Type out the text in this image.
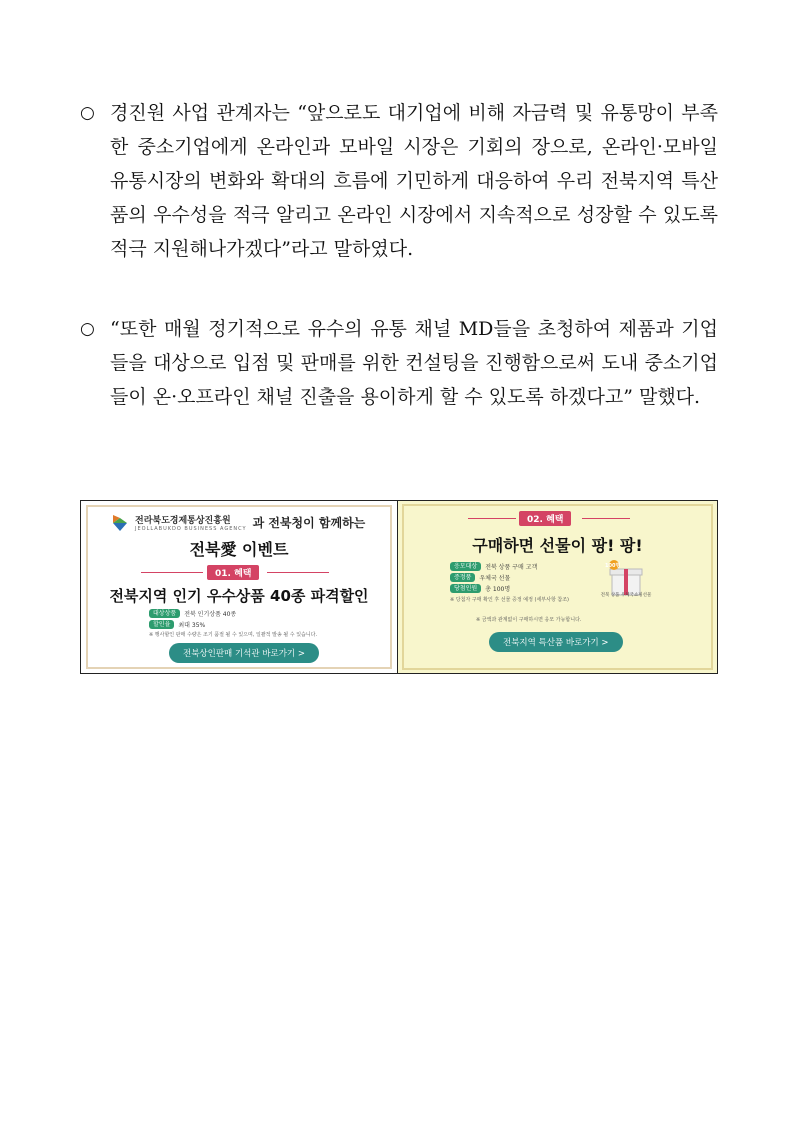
○ 경진원 사업 관계자는 “앞으로도 대기업에 비해 자금력 및 유통망이 부족한 중소기업에게 온라인과 모바일 시장은 기회의 장으로, 온라인·모바일 유통시장의 변화와 확대의 흐름에 기민하게 대응하여 우리 전북지역 특산품의 우수성을 적극 알리고 온라인 시장에서 지속적으로 성장할 수 있도록 적극 지원해나가겠다”라고 말하였다.
○ “또한 매월 정기적으로 유수의 유통 채널 MD들을 초청하여 제품과 기업들을 대상으로 입점 및 판매를 위한 컨설팅을 진행함으로써 도내 중소기업들이 온·오프라인 채널 진출을 용이하게 할 수 있도록 하겠다고” 말했다.
전라북도경제통상진흥원
JEOLLABUKDO BUSINESS AGENCY 과 전북청이 함께하는
전북愛 이벤트
01. 혜택
전북지역 인기 우수상품 40종 파격할인
대상상품	전북 인기상품 40종
할인율	최대 35%
※ 행사할인 판매 수량은 조기 품절 될 수 있으며, 일괄적 발송 될 수 있습니다.
전북상인판매 기석관 바로가기 >
02. 혜택
구매하면 선물이 팡! 팡!
응모대상	전북 상품 구매 고객
증정품	우체국 선물
당첨인원	총 100명
※ 당첨자 구매 확인 후 선물 증정 예정 (세부사항 참조)
100명
전북 상품 우체국쇼핑선물
※ 금액과 관계없이 구매하시면 응모 가능합니다.
전북지역 특산품 바로가기 >
